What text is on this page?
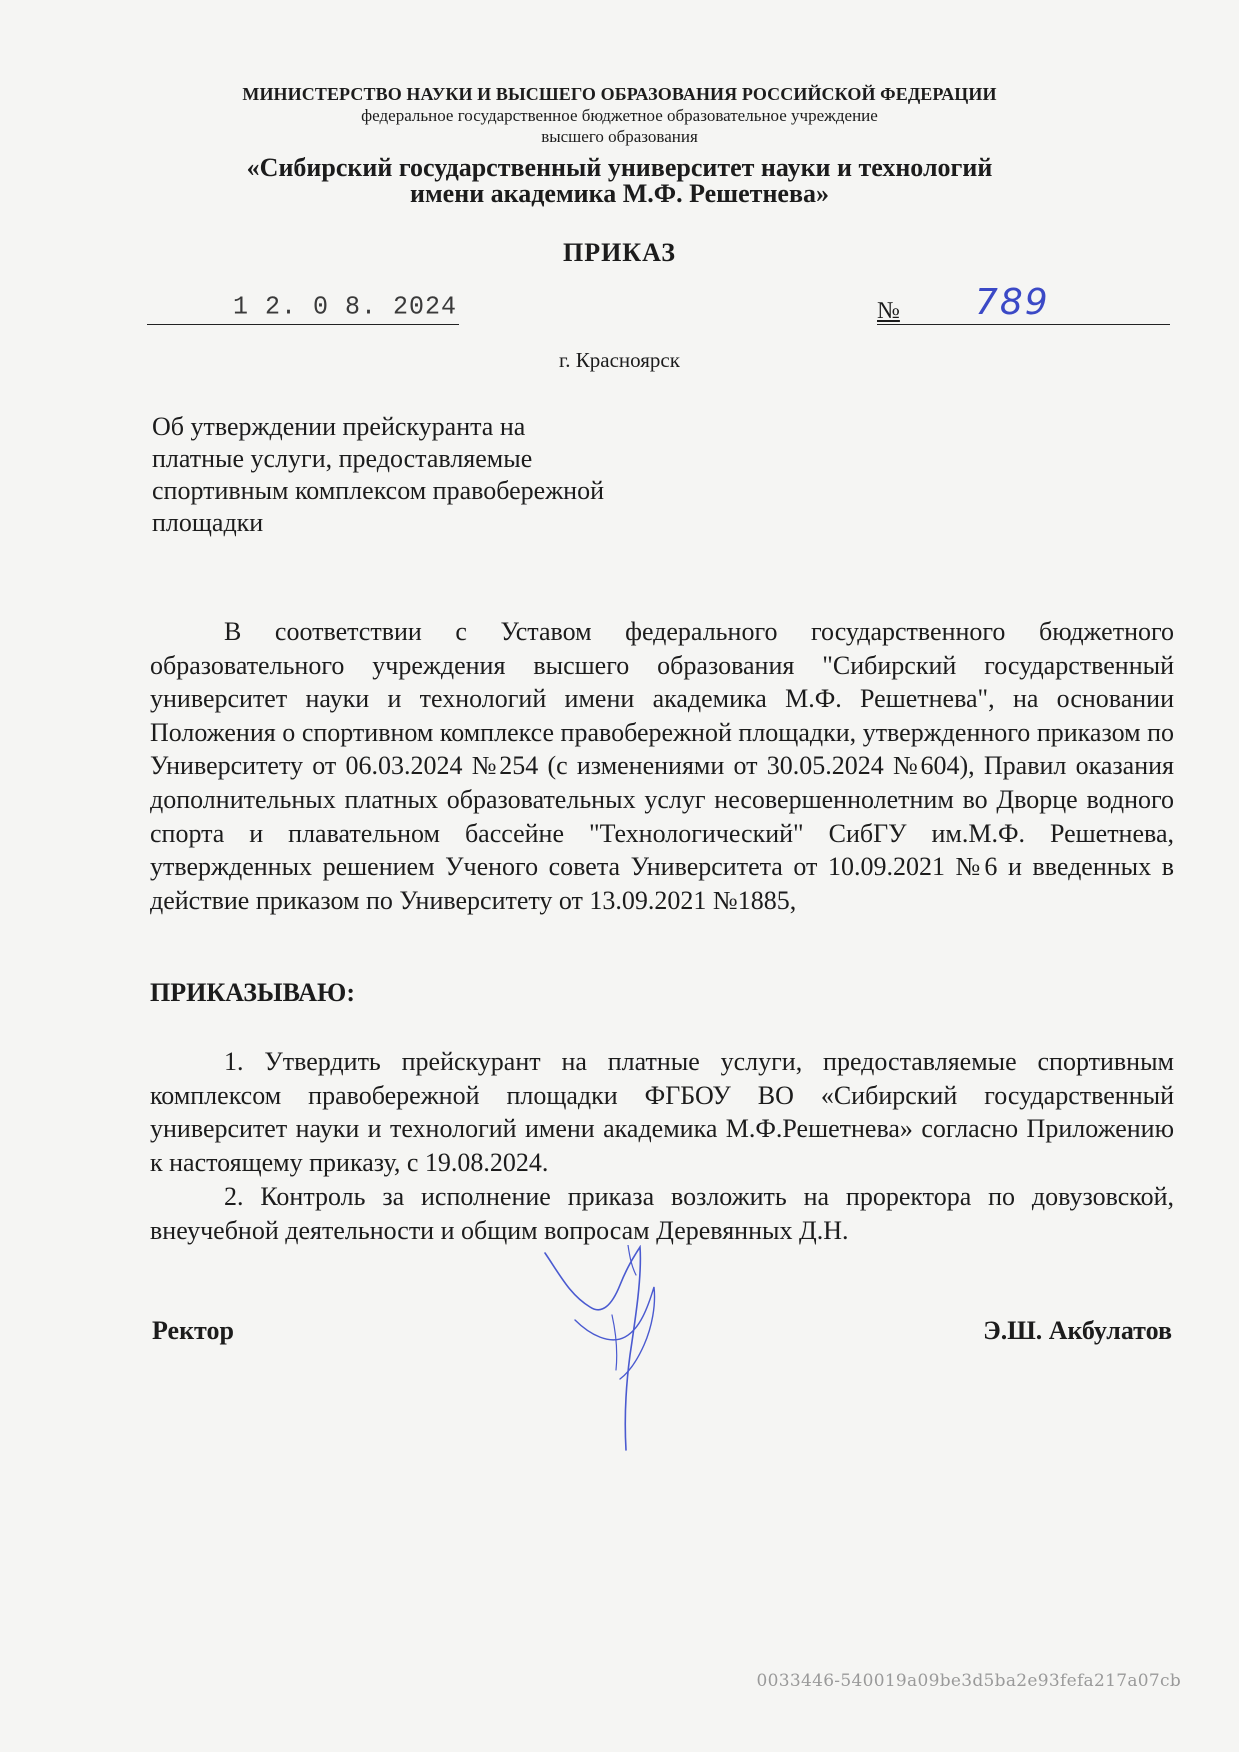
МИНИСТЕРСТВО НАУКИ И ВЫСШЕГО ОБРАЗОВАНИЯ РОССИЙСКОЙ ФЕДЕРАЦИИ
федеральное государственное бюджетное образовательное учреждение
высшего образования
«Сибирский государственный университет науки и технологий
имени академика М.Ф. Решетнева»
ПРИКАЗ
1 2. 0 8. 2024	№ 789
г. Красноярск
Об утверждении прейскуранта на платные услуги, предоставляемые спортивным комплексом правобережной площадки
В соответствии с Уставом федерального государственного бюджетного образовательного учреждения высшего образования "Сибирский государственный университет науки и технологий имени академика М.Ф. Решетнева", на основании Положения о спортивном комплексе правобережной площадки, утвержденного приказом по Университету от 06.03.2024 №254 (с изменениями от 30.05.2024 №604), Правил оказания дополнительных платных образовательных услуг несовершеннолетним во Дворце водного спорта и плавательном бассейне "Технологический" СибГУ им.М.Ф. Решетнева, утвержденных решением Ученого совета Университета от 10.09.2021 №6 и введенных в действие приказом по Университету от 13.09.2021 №1885,
ПРИКАЗЫВАЮ:
1. Утвердить прейскурант на платные услуги, предоставляемые спортивным комплексом правобережной площадки ФГБОУ ВО «Сибирский государственный университет науки и технологий имени академика М.Ф.Решетнева» согласно Приложению к настоящему приказу, с 19.08.2024.
2. Контроль за исполнение приказа возложить на проректора по довузовской, внеучебной деятельности и общим вопросам Деревянных Д.Н.
Ректор	Э.Ш. Акбулатов
0033446-540019a09be3d5ba2e93fefa217a07cb
